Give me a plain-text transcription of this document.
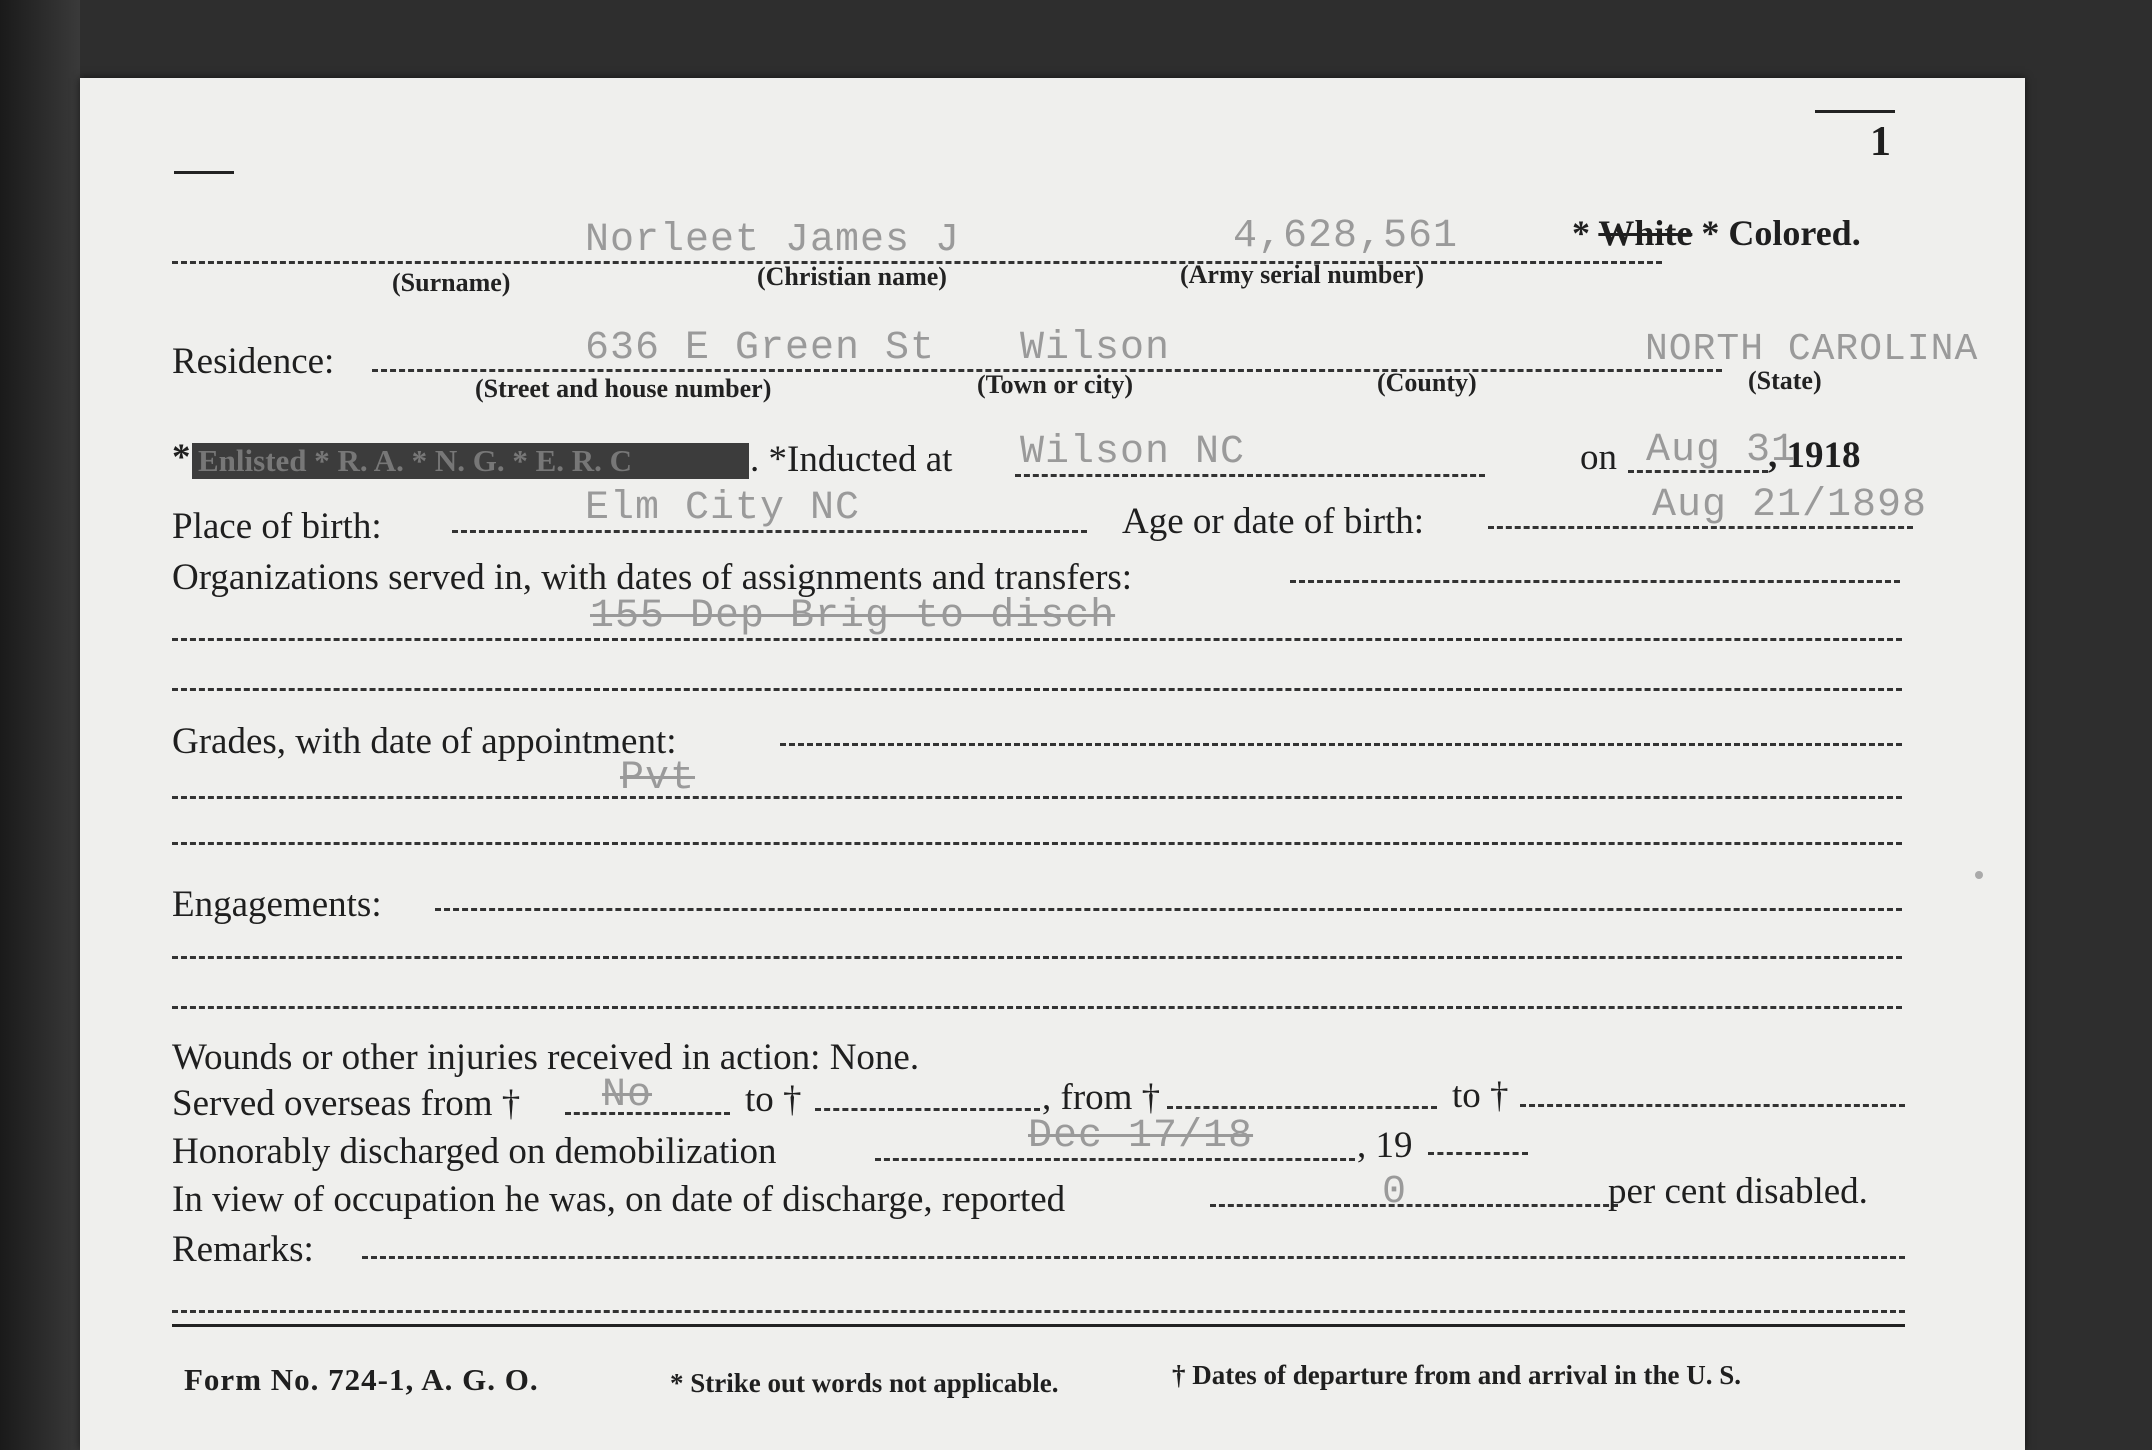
1
Norleet James J	4,628,561	* White * Colored.
(Surname)	(Christian name)	(Army serial number)
Residence:	636 E Green St Wilson	NORTH CAROLINA
(Street and house number)	(Town or city)	(County)	(State)
* Enlisted * R. A. * N. G. * E. R. C	. *Inducted at Wilson NC	on Aug 31
, 1918
Place of birth:	Elm City NC	Age or date of birth:	Aug 21/1898
Organizations served in, with dates of assignments and transfers:
155 Dep Brig to disch
Grades, with date of appointment:
Pvt
Engagements:
Wounds or other injuries received in action: None.
Served overseas from † No	to †	, from †	to †
Honorably discharged on demobilization	Dec 17/18	, 19
In view of occupation he was, on date of discharge, reported	0	per cent disabled.
Remarks:
Form No. 724-1, A. G. O.	* Strike out words not applicable.	† Dates of departure from and arrival in the U. S.
